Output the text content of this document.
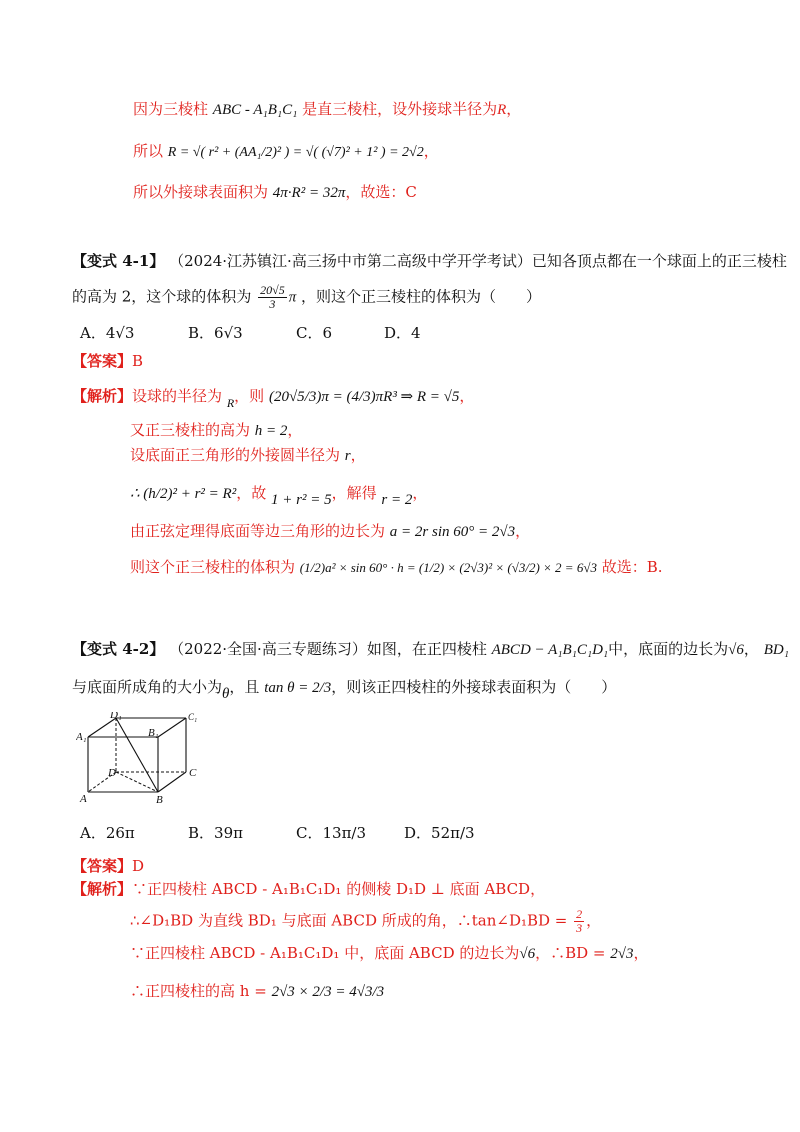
因为三棱柱 ABC - A₁B₁C₁ 是直三棱柱，设外接球半径为R，
所以 R = √( r² + (AA₁/2)² ) = √( (√7)² + 1² ) = 2√2，
所以外接球表面积为 4π·R² = 32π，故选：C
【变式 4-1】 （2024·江苏镇江·高三扬中市第二高级中学开学考试）已知各顶点都在一个球面上的正三棱柱
的高为 2，这个球的体积为 $\frac{20√5}{3}$ π ，则这个正三棱柱的体积为（　　）
A．4√3	B．6√3	C．6	D．4
【答案】B
【解析】设球的半径为 $_R$，则 (20√5/3)π = (4/3)πR³ ⇒ R = √5，
又正三棱柱的高为 h = 2，
设底面正三角形的外接圆半径为 r，
∴ (h/2)² + r² = R²，故 1 + r² = 5，解得 r = 2，
由正弦定理得底面等边三角形的边长为 a = 2r sin 60° = 2√3，
则这个正三棱柱的体积为 (1/2)a² × sin 60° · h = (1/2) × (2√3)² × (√3/2) × 2 = 6√3 故选：B.
【变式 4-2】 （2022·全国·高三专题练习）如图，在正四棱柱 ABCD − A₁B₁C₁D₁中，底面的边长为√6， BD₁
与底面所成角的大小为θ，且 tan θ = 2/3，则该正四棱柱的外接球表面积为（　　）
D₁	C₁
A₁	B₁
D	C
A	B
A．26π	B．39π	C．13π/3	D．52π/3
【答案】D
【解析】∵正四棱柱 ABCD - A₁B₁C₁D₁ 的侧棱 D₁D ⊥ 底面 ABCD，
∴∠D₁BD 为直线 BD₁ 与底面 ABCD 所成的角，∴tan∠D₁BD = $\frac{2}{3}$ ，
∵正四棱柱 ABCD - A₁B₁C₁D₁ 中，底面 ABCD 的边长为√6，∴BD = 2√3，
∴正四棱柱的高 h = 2√3 × 2/3 = 4√3/3
